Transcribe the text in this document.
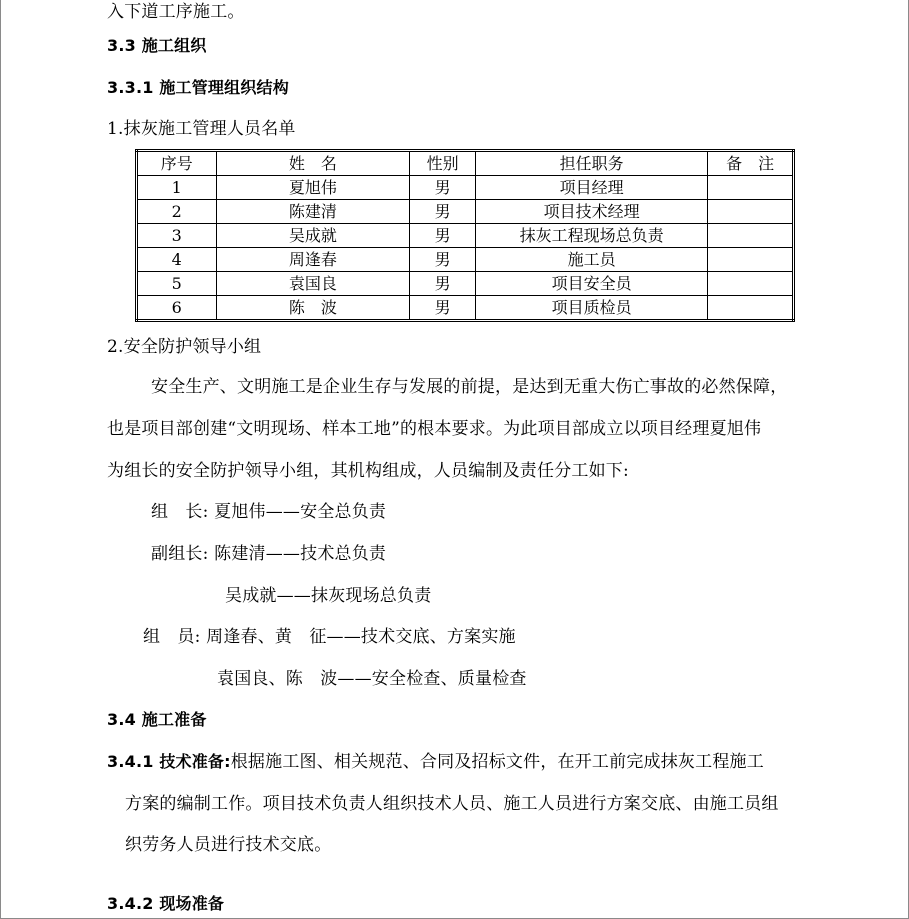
入下道工序施工。
3.3 施工组织
3.3.1 施工管理组织结构
1.抹灰施工管理人员名单
序号	姓　名	性别	担任职务	备　注
1	夏旭伟	男	项目经理	
2	陈建清	男	项目技术经理	
3	吴成就	男	抹灰工程现场总负责	
4	周逢春	男	施工员	
5	袁国良	男	项目安全员	
6	陈　波	男	项目质检员	
2.安全防护领导小组
安全生产、文明施工是企业生存与发展的前提，是达到无重大伤亡事故的必然保障，
也是项目部创建“文明现场、样本工地”的根本要求。为此项目部成立以项目经理夏旭伟
为组长的安全防护领导小组，其机构组成，人员编制及责任分工如下:
组　长: 夏旭伟——安全总负责
副组长: 陈建清——技术总负责
吴成就——抹灰现场总负责
组　员: 周逢春、黄　征——技术交底、方案实施
袁国良、陈　波——安全检查、质量检查
3.4 施工准备
3.4.1 技术准备:根据施工图、相关规范、合同及招标文件，在开工前完成抹灰工程施工
方案的编制工作。项目技术负责人组织技术人员、施工人员进行方案交底、由施工员组
织劳务人员进行技术交底。
3.4.2 现场准备
